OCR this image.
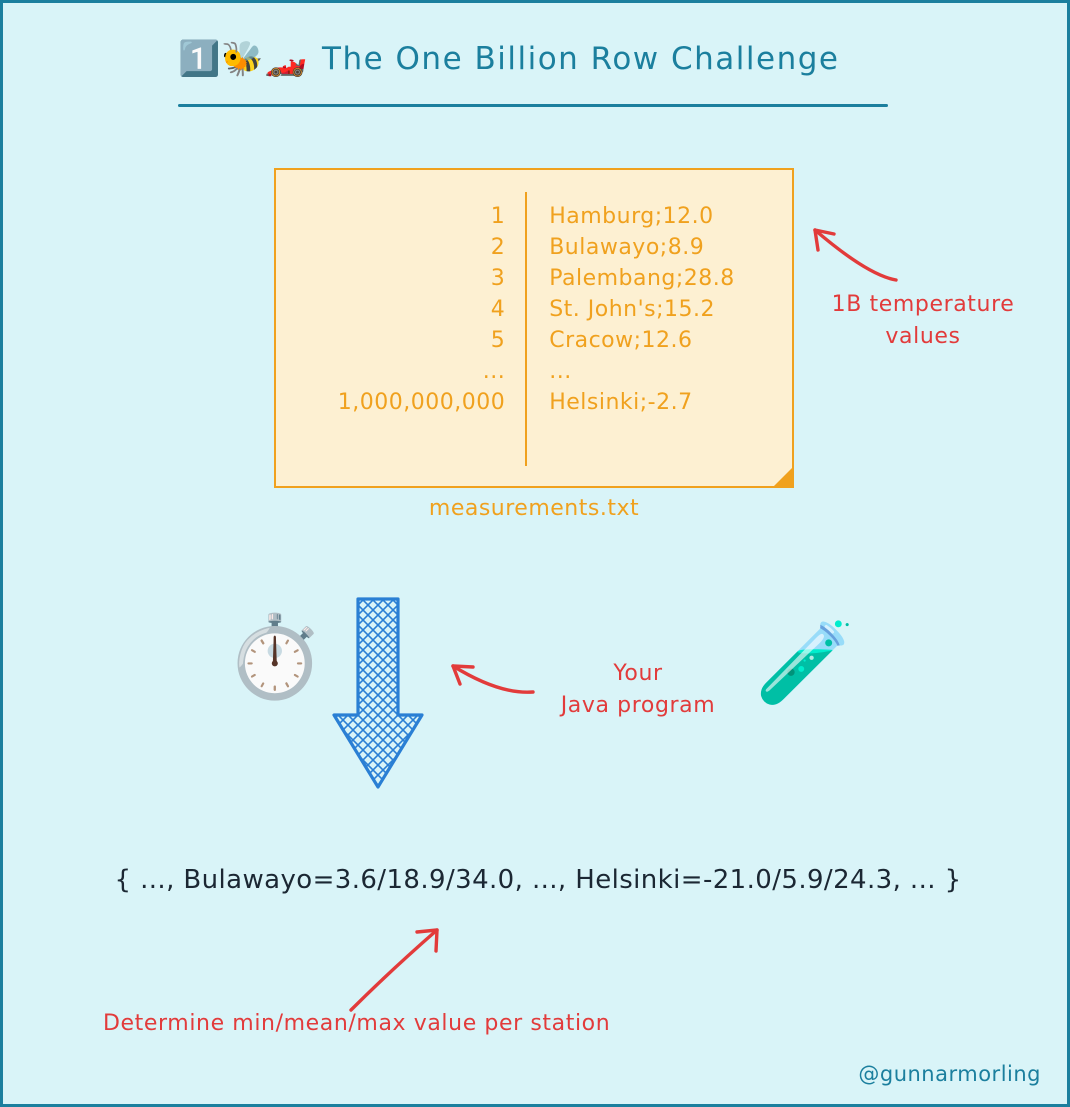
1️⃣🐝🏎️ The One Billion Row Challenge
1	Hamburg;12.0
2	Bulawayo;8.9
3	Palembang;28.8
4	St. John's;15.2
5	Cracow;12.6
...	...
1,000,000,000	Helsinki;-2.7
measurements.txt
1B temperature values
⏱️	Your
Java program 🧪
{ ..., Bulawayo=3.6/18.9/34.0, ..., Helsinki=-21.0/5.9/24.3, ... }
Determine min/mean/max value per station
@gunnarmorling
